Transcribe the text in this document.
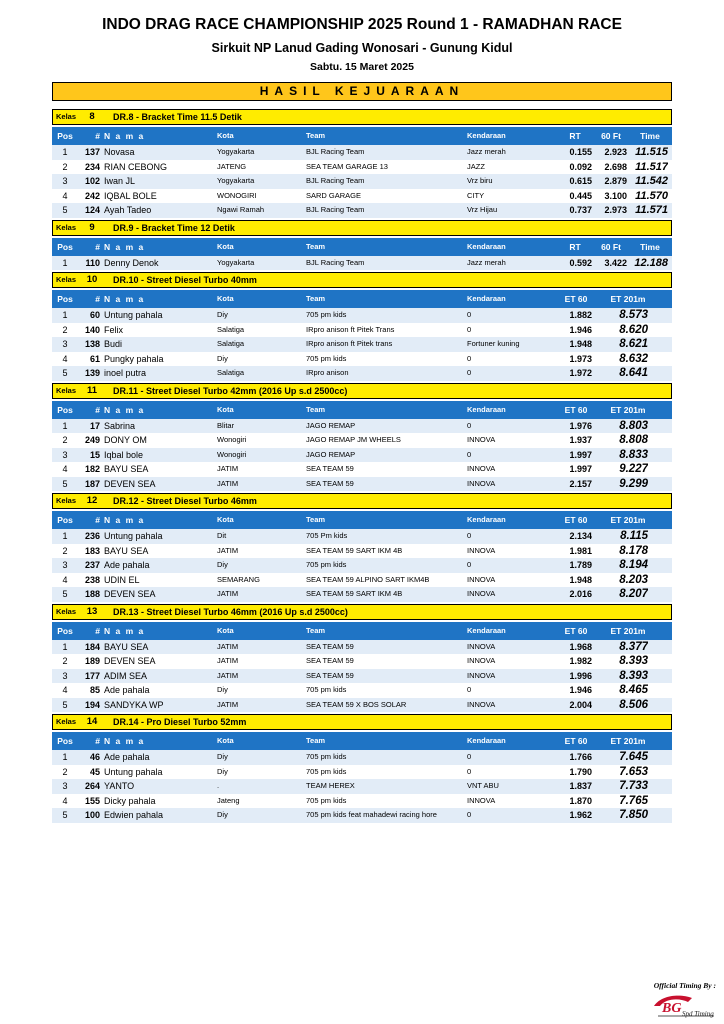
INDO DRAG RACE CHAMPIONSHIP 2025 Round 1 - RAMADHAN RACE
Sirkuit NP Lanud Gading Wonosari - Gunung Kidul
Sabtu. 15 Maret 2025
HASIL KEJUARAAN
Kelas	8	DR.8 - Bracket Time 11.5 Detik
Pos	# N a m a	Kota	Team	Kendaraan	RT	60 Ft	Time
1	137 Novasa	Yogyakarta	BJL Racing Team	Jazz merah	0.155	2.923 11.515
2	234 RIAN CEBONG	JATENG	SEA TEAM GARAGE 13	JAZZ	0.092	2.698 11.517
3	102 Iwan JL	Yogyakarta	BJL Racing Team	Vrz biru	0.615	2.879 11.542
4	242 IQBAL BOLE	WONOGIRI	SARD GARAGE	CITY	0.445	3.100 11.570
5	124 Ayah Tadeo	Ngawi Ramah	BJL Racing Team	Vrz Hijau	0.737	2.973 11.571
Kelas	9	DR.9 - Bracket Time 12 Detik
Pos	# N a m a	Kota	Team	Kendaraan	RT	60 Ft	Time
1	110 Denny Denok	Yogyakarta	BJL Racing Team	Jazz merah	0.592	3.422 12.188
Kelas	10	DR.10 - Street Diesel Turbo 40mm
Pos	# N a m a	Kota	Team	Kendaraan	ET 60	ET 201m
1	60 Untung pahala	Diy	705 pm kids	0	1.882	8.573
2	140 Felix	Salatiga	IRpro anison ft Pitek Trans	0	1.946	8.620
3	138 Budi	Salatiga	IRpro anison ft Pitek trans	Fortuner kuning	1.948	8.621
4	61 Pungky pahala	Diy	705 pm kids	0	1.973	8.632
5	139 inoel putra	Salatiga	IRpro anison	0	1.972	8.641
Kelas	11	DR.11 - Street Diesel Turbo 42mm (2016 Up s.d 2500cc)
Pos	# N a m a	Kota	Team	Kendaraan	ET 60	ET 201m
1	17 Sabrina	Blitar	JAGO REMAP	0	1.976	8.803
2	249 DONY OM	Wonogiri	JAGO REMAP JM WHEELS	INNOVA	1.937	8.808
3	15 Iqbal bole	Wonogiri	JAGO REMAP	0	1.997	8.833
4	182 BAYU SEA	JATIM	SEA TEAM 59	INNOVA	1.997	9.227
5	187 DEVEN SEA	JATIM	SEA TEAM 59	INNOVA	2.157	9.299
Kelas	12	DR.12 - Street Diesel Turbo 46mm
Pos	# N a m a	Kota	Team	Kendaraan	ET 60	ET 201m
1	236 Untung pahala	Dit	705 Pm kids	0	2.134	8.115
2	183 BAYU SEA	JATIM	SEA TEAM 59 SART IKM 4B	INNOVA	1.981	8.178
3	237 Ade pahala	Diy	705 pm kids	0	1.789	8.194
4	238 UDIN EL	SEMARANG	SEA TEAM 59 ALPINO SART IKM4B	INNOVA	1.948	8.203
5	188 DEVEN SEA	JATIM	SEA TEAM 59 SART IKM 4B	INNOVA	2.016	8.207
Kelas	13	DR.13 - Street Diesel Turbo 46mm (2016 Up s.d 2500cc)
Pos	# N a m a	Kota	Team	Kendaraan	ET 60	ET 201m
1	184 BAYU SEA	JATIM	SEA TEAM 59	INNOVA	1.968	8.377
2	189 DEVEN SEA	JATIM	SEA TEAM 59	INNOVA	1.982	8.393
3	177 ADIM SEA	JATIM	SEA TEAM 59	INNOVA	1.996	8.393
4	85 Ade pahala	Diy	705 pm kids	0	1.946	8.465
5	194 SANDYKA WP	JATIM	SEA TEAM 59 X BOS SOLAR	INNOVA	2.004	8.506
Kelas	14	DR.14 - Pro Diesel Turbo 52mm
Pos	# N a m a	Kota	Team	Kendaraan	ET 60	ET 201m
1	46 Ade pahala	Diy	705 pm kids	0	1.766	7.645
2	45 Untung pahala	Diy	705 pm kids	0	1.790	7.653
3	264 YANTO	.	TEAM HEREX	VNT ABU	1.837	7.733
4	155 Dicky pahala	Jateng	705 pm kids	INNOVA	1.870	7.765
5	100 Edwien pahala	Diy	705 pm kids feat mahadewi racing hore	0	1.962	7.850
Official Timing By :
BG Spd Timing
